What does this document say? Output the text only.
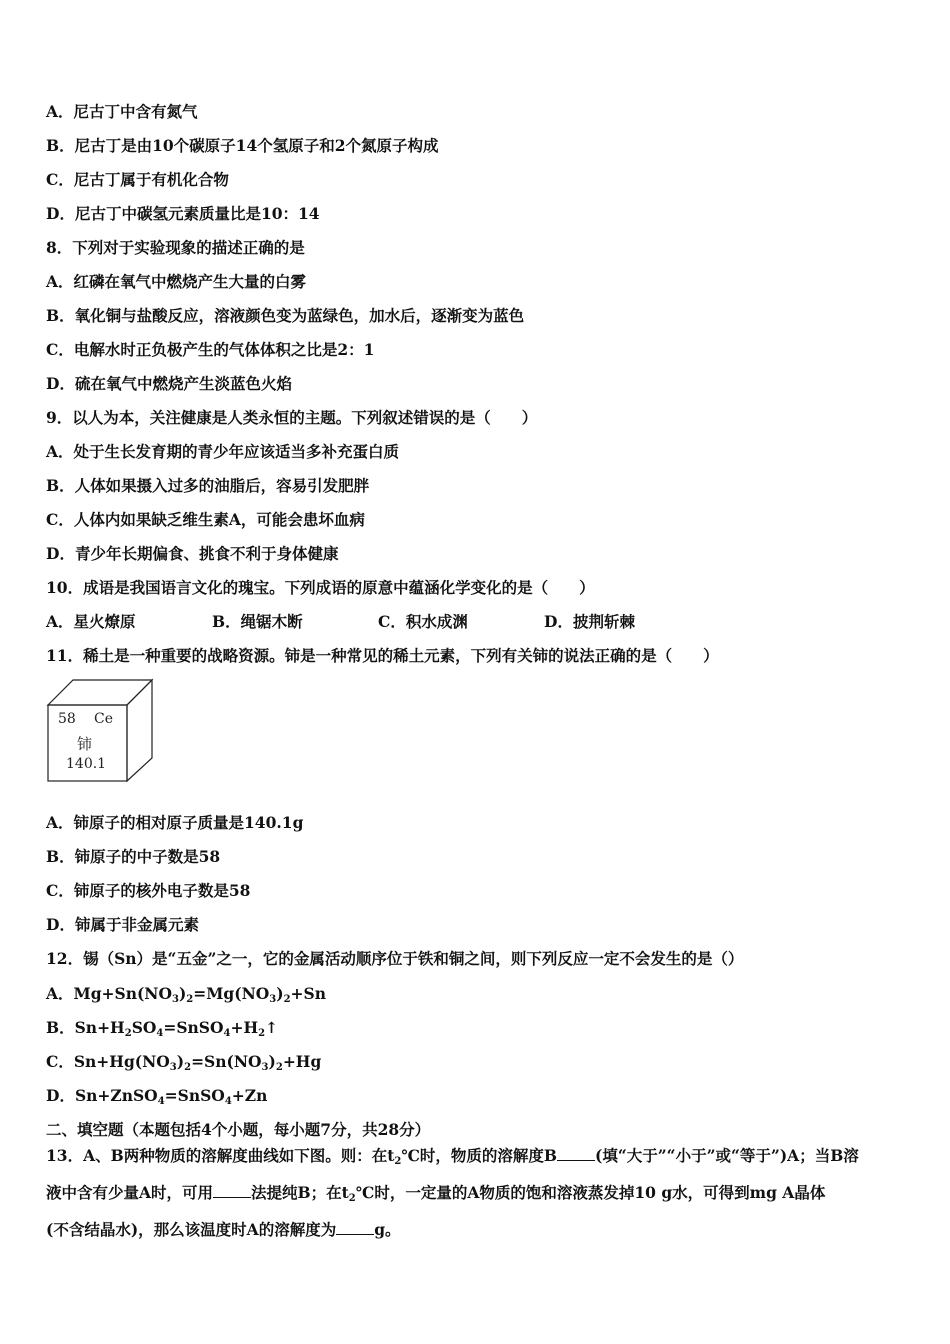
A．尼古丁中含有氮气
B．尼古丁是由10个碳原子14个氢原子和2个氮原子构成
C．尼古丁属于有机化合物
D．尼古丁中碳氢元素质量比是10：14
8．下列对于实验现象的描述正确的是
A．红磷在氧气中燃烧产生大量的白雾
B．氧化铜与盐酸反应，溶液颜色变为蓝绿色，加水后，逐渐变为蓝色
C．电解水时正负极产生的气体体积之比是2：1
D．硫在氧气中燃烧产生淡蓝色火焰
9．以人为本，关注健康是人类永恒的主题。下列叙述错误的是（　　）
A．处于生长发育期的青少年应该适当多补充蛋白质
B．人体如果摄入过多的油脂后，容易引发肥胖
C．人体内如果缺乏维生素A，可能会患坏血病
D．青少年长期偏食、挑食不利于身体健康
10．成语是我国语言文化的瑰宝。下列成语的原意中蕴涵化学变化的是（　　）
A．星火燎原	B．绳锯木断	C．积水成渊	D．披荆斩棘
11．稀土是一种重要的战略资源。铈是一种常见的稀土元素，下列有关铈的说法正确的是（　　）
58 Ce
铈
140.1
A．铈原子的相对原子质量是140.1g
B．铈原子的中子数是58
C．铈原子的核外电子数是58
D．铈属于非金属元素
12．锡（Sn）是“五金”之一，它的金属活动顺序位于铁和铜之间，则下列反应一定不会发生的是（）
A．$Mg+Sn(NO_3)_2=Mg(NO_3)_2+Sn$
B．$Sn+H_2SO_4=SnSO_4+H_2↑$
C．$Sn+Hg(NO_3)_2=Sn(NO_3)_2+Hg$
D．Sn+ZnSO$_4$=SnSO$_4$+Zn
二、填空题（本题包括4个小题，每小题7分，共28分）
13．A、B两种物质的溶解度曲线如下图。则：在$t_2℃$时，物质的溶解度B (填“大于”“小于”或“等于”)A；当B溶
液中含有少量A时，可用 法提纯B；在$t_2℃$时，一定量的A物质的饱和溶液蒸发掉10 g水，可得到mg A晶体
(不含结晶水)，那么该温度时A的溶解度为 g。
